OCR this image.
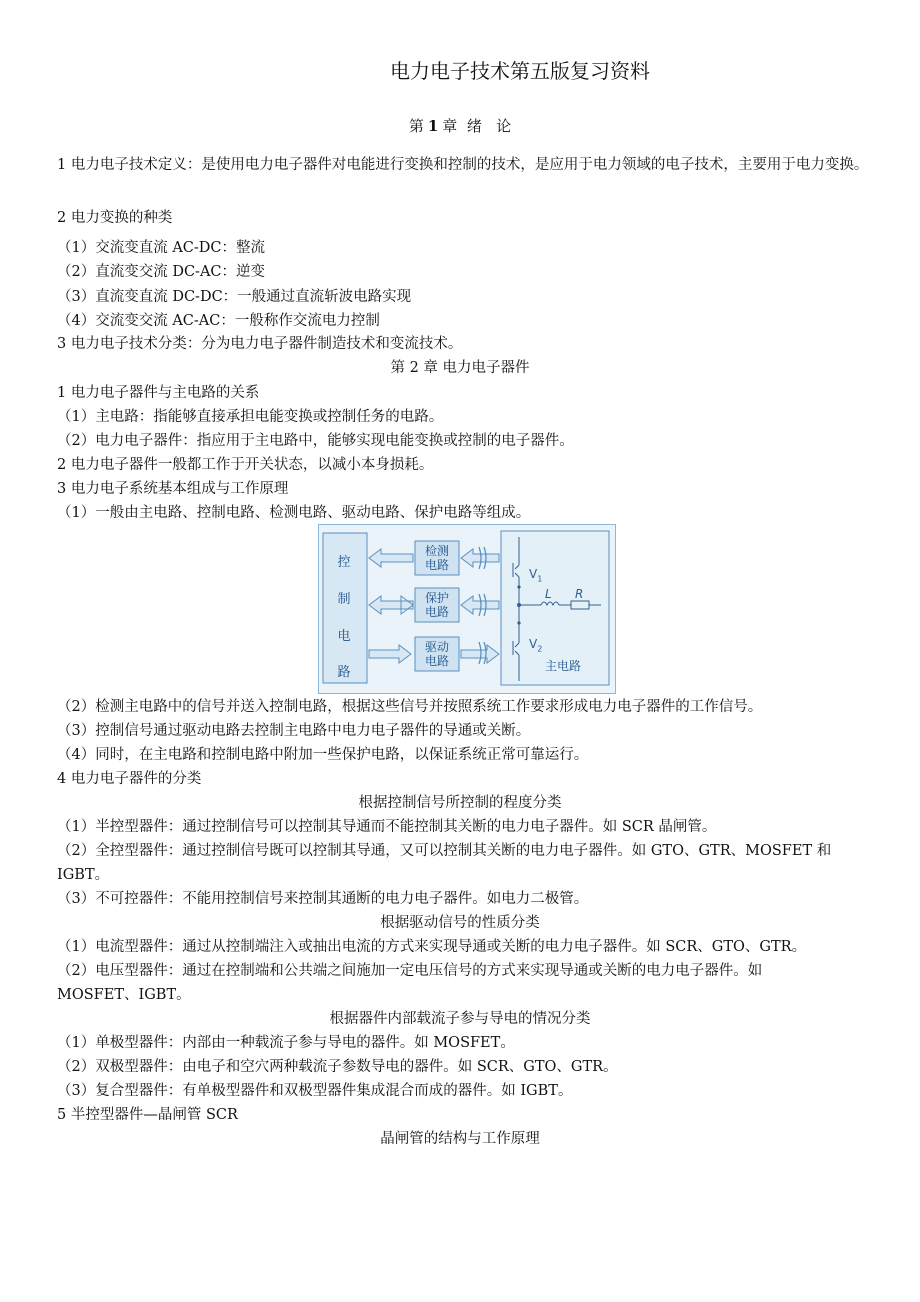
电力电子技术第五版复习资料
第 1 章 绪 论
1 电力电子技术定义：是使用电力电子器件对电能进行变换和控制的技术，是应用于电力领域的电子技术，主要用于电力变换。
2 电力变换的种类
（1）交流变直流 AC-DC：整流
（2）直流变交流 DC-AC：逆变
（3）直流变直流 DC-DC：一般通过直流斩波电路实现
（4）交流变交流 AC-AC：一般称作交流电力控制
3 电力电子技术分类：分为电力电子器件制造技术和变流技术。
第 2 章 电力电子器件
1 电力电子器件与主电路的关系
（1）主电路：指能够直接承担电能变换或控制任务的电路。
（2）电力电子器件：指应用于主电路中，能够实现电能变换或控制的电子器件。
2 电力电子器件一般都工作于开关状态，以减小本身损耗。
3 电力电子系统基本组成与工作原理
（1）一般由主电路、控制电路、检测电路、驱动电路、保护电路等组成。
控
制
电
路
检测
电路
保护
电路
驱动
电路
$V_1$
L R
$V_2$
主电路
（2）检测主电路中的信号并送入控制电路，根据这些信号并按照系统工作要求形成电力电子器件的工作信号。
（3）控制信号通过驱动电路去控制主电路中电力电子器件的导通或关断。
（4）同时，在主电路和控制电路中附加一些保护电路，以保证系统正常可靠运行。
4 电力电子器件的分类
根据控制信号所控制的程度分类
（1）半控型器件：通过控制信号可以控制其导通而不能控制其关断的电力电子器件。如 SCR 晶闸管。
（2）全控型器件：通过控制信号既可以控制其导通，又可以控制其关断的电力电子器件。如 GTO、GTR、MOSFET 和
IGBT。
（3）不可控器件：不能用控制信号来控制其通断的电力电子器件。如电力二极管。
根据驱动信号的性质分类
（1）电流型器件：通过从控制端注入或抽出电流的方式来实现导通或关断的电力电子器件。如 SCR、GTO、GTR。
（2）电压型器件：通过在控制端和公共端之间施加一定电压信号的方式来实现导通或关断的电力电子器件。如
MOSFET、IGBT。
根据器件内部载流子参与导电的情况分类
（1）单极型器件：内部由一种载流子参与导电的器件。如 MOSFET。
（2）双极型器件：由电子和空穴两种载流子参数导电的器件。如 SCR、GTO、GTR。
（3）复合型器件：有单极型器件和双极型器件集成混合而成的器件。如 IGBT。
5 半控型器件—晶闸管 SCR
晶闸管的结构与工作原理
